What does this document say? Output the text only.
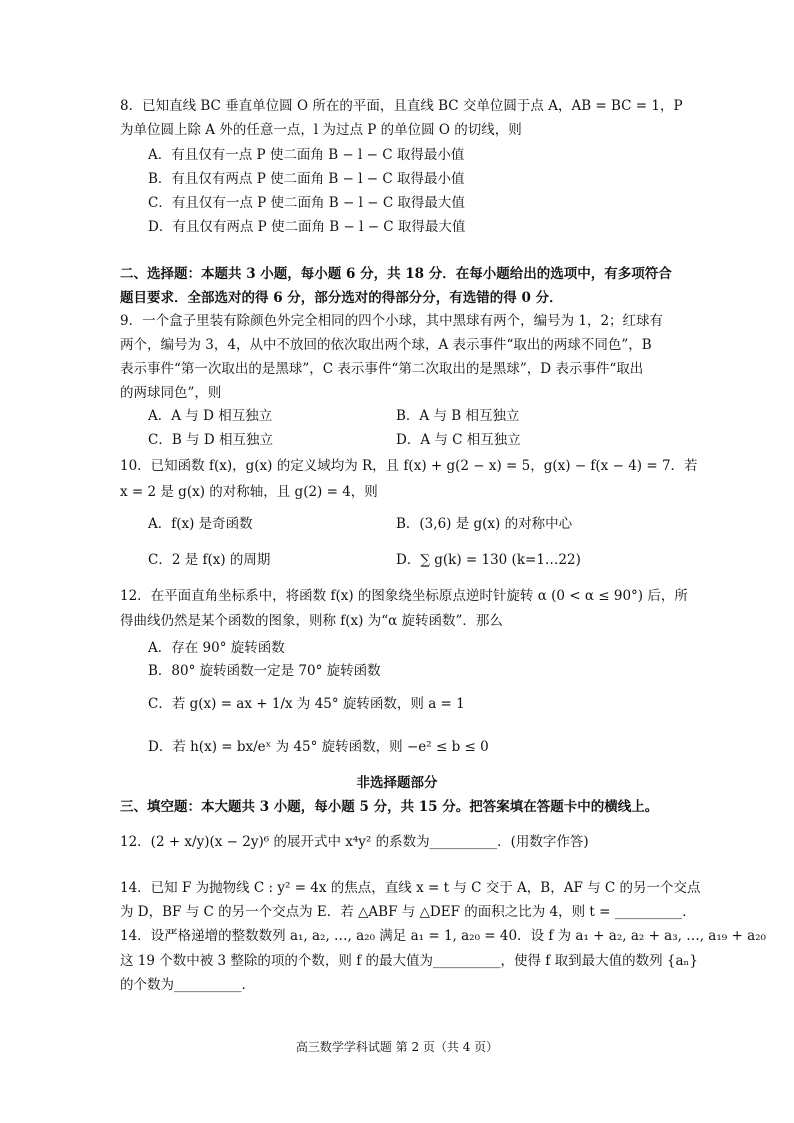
8．已知直线 BC 垂直单位圆 O 所在的平面，且直线 BC 交单位圆于点 A，AB = BC = 1，P
为单位圆上除 A 外的任意一点，l 为过点 P 的单位圆 O 的切线，则
A．有且仅有一点 P 使二面角 B − l − C 取得最小值
B．有且仅有两点 P 使二面角 B − l − C 取得最小值
C．有且仅有一点 P 使二面角 B − l − C 取得最大值
D．有且仅有两点 P 使二面角 B − l − C 取得最大值
二、选择题：本题共 3 小题，每小题 6 分，共 18 分．在每小题给出的选项中，有多项符合
题目要求．全部选对的得 6 分，部分选对的得部分分，有选错的得 0 分．
9．一个盒子里装有除颜色外完全相同的四个小球，其中黑球有两个，编号为 1，2；红球有
两个，编号为 3，4，从中不放回的依次取出两个球，A 表示事件“取出的两球不同色”，B
表示事件“第一次取出的是黑球”，C 表示事件“第二次取出的是黑球”，D 表示事件“取出
的两球同色”，则
A．A 与 D 相互独立	B．A 与 B 相互独立
C．B 与 D 相互独立	D．A 与 C 相互独立
10．已知函数 f(x)，g(x) 的定义域均为 R，且 f(x) + g(2 − x) = 5，g(x) − f(x − 4) = 7．若
x = 2 是 g(x) 的对称轴，且 g(2) = 4，则
A．f(x) 是奇函数	B．(3,6) 是 g(x) 的对称中心
C．2 是 f(x) 的周期	D．∑ g(k) = 130 (k=1…22)
12．在平面直角坐标系中，将函数 f(x) 的图象绕坐标原点逆时针旋转 α (0 < α ≤ 90°) 后，所
得曲线仍然是某个函数的图象，则称 f(x) 为“α 旋转函数”．那么
A．存在 90° 旋转函数
B．80° 旋转函数一定是 70° 旋转函数
C．若 g(x) = ax + 1/x 为 45° 旋转函数，则 a = 1
D．若 h(x) = bx/eˣ 为 45° 旋转函数，则 −e² ≤ b ≤ 0
非选择题部分
三、填空题：本大题共 3 小题，每小题 5 分，共 15 分。把答案填在答题卡中的横线上。
12．(2 + x/y)(x − 2y)⁶ 的展开式中 x⁴y² 的系数为__________．(用数字作答)
14．已知 F 为抛物线 C : y² = 4x 的焦点，直线 x = t 与 C 交于 A，B，AF 与 C 的另一个交点
为 D，BF 与 C 的另一个交点为 E．若 △ABF 与 △DEF 的面积之比为 4，则 t = __________．
14．设严格递增的整数数列 a₁, a₂, …, a₂₀ 满足 a₁ = 1, a₂₀ = 40．设 f 为 a₁ + a₂, a₂ + a₃, …, a₁₉ + a₂₀
这 19 个数中被 3 整除的项的个数，则 f 的最大值为__________，使得 f 取到最大值的数列 {aₙ}
的个数为__________．
高三数学学科试题 第 2 页（共 4 页）
